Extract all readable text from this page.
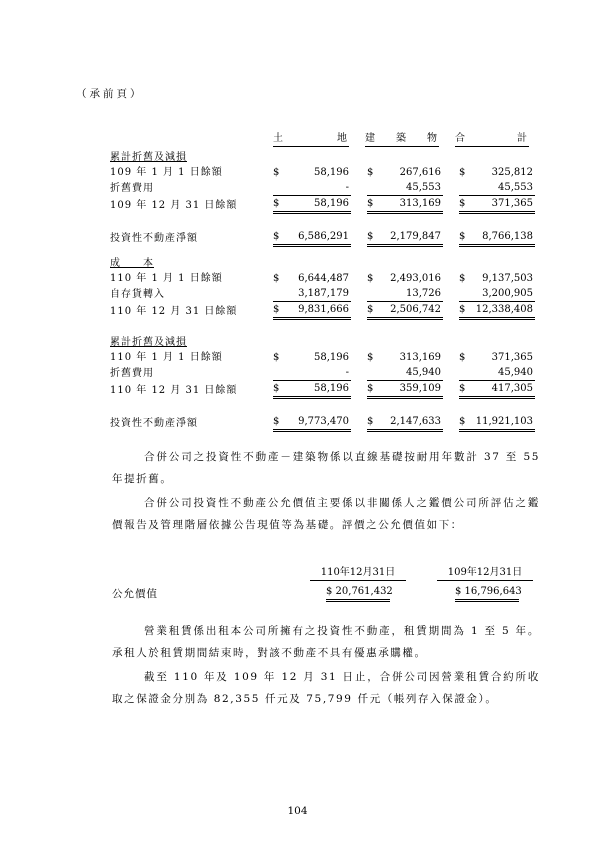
（承前頁）

土	地		建 築 物		合	計
累計折舊及減損								
109 年 1 月 1 日餘額	$	58,196		$	267,616		$	325,812
折舊費用		-			45,553			45,553
109 年 12 月 31 日餘額	$	58,196		$	313,169		$	371,365

投資性不動產淨額	$	6,586,291		$	2,179,847		$	8,766,138
成　　本								
110 年 1 月 1 日餘額	$	6,644,487		$	2,493,016		$	9,137,503
自存貨轉入		3,187,179			13,726			3,200,905
110 年 12 月 31 日餘額	$	9,831,666		$	2,506,742		$	12,338,408

累計折舊及減損								
110 年 1 月 1 日餘額	$	58,196		$	313,169		$	371,365
折舊費用		-			45,940			45,940
110 年 12 月 31 日餘額	$	58,196		$	359,109		$	417,305

投資性不動產淨額	$	9,773,470		$	2,147,633		$	11,921,103
合併公司之投資性不動產－建築物係以直線基礎按耐用年數計 37 至 55 年提折舊。
合併公司投資性不動產公允價值主要係以非關係人之鑑價公司所評估之鑑價報告及管理階層依據公告現值等為基礎。評價之公允價值如下：
110年12月31日	109年12月31日
公允價值	$ 20,761,432	$ 16,796,643
營業租賃係出租本公司所擁有之投資性不動產，租賃期間為 1 至 5 年。承租人於租賃期間結束時，對該不動產不具有優惠承購權。
截至 110 年及 109 年 12 月 31 日止，合併公司因營業租賃合約所收取之保證金分別為 82,355 仟元及 75,799 仟元（帳列存入保證金）。
104
